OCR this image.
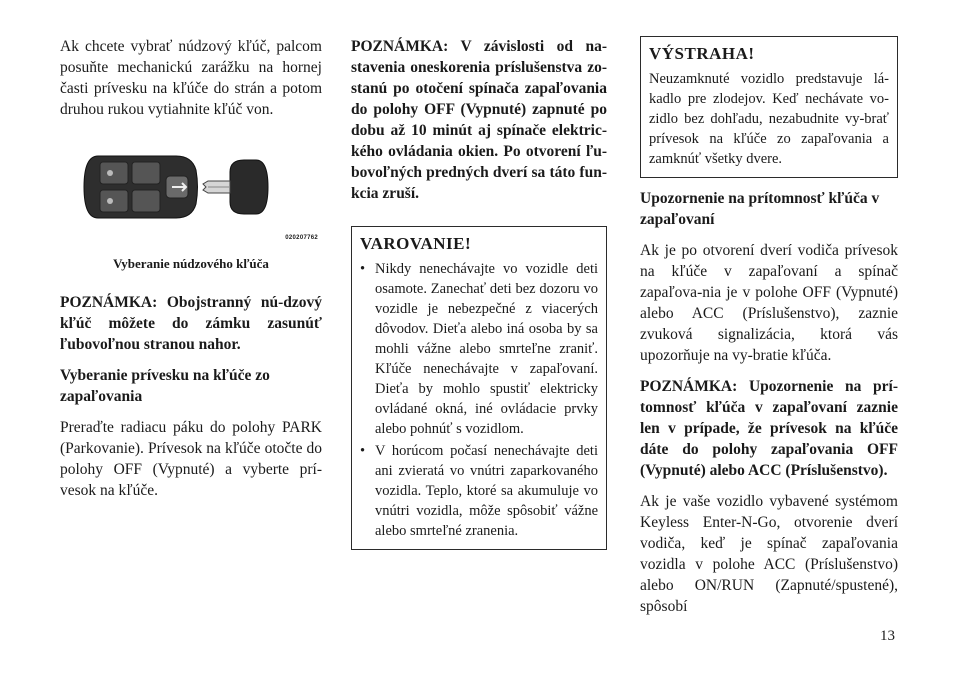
Ak chcete vybrať núdzový kľúč, palcom posuňte mechanickú zarážku na hornej časti prívesku na kľúče do strán a potom druhou rukou vytiahnite kľúč von.

020207762
Vyberanie núdzového kľúča

POZNÁMKA: Obojstranný nú-dzový kľúč môžete do zámku zasunúť ľubovoľnou stranou nahor.

Vyberanie prívesku na kľúče zo zapaľovania

Preraďte radiacu páku do polohy PARK (Parkovanie). Prívesok na kľúče otočte do polohy OFF (Vypnuté) a vyberte prí-vesok na kľúče.

POZNÁMKA: V závislosti od na-stavenia oneskorenia príslušenstva zo-stanú po otočení spínača zapaľovania do polohy OFF (Vypnuté) zapnuté po dobu až 10 minút aj spínače elektric-kého ovládania okien. Po otvorení ľu-bovoľných predných dverí sa táto fun-kcia zruší.

VAROVANIE!
• Nikdy nenechávajte vo vozidle deti osamote. Zanechať deti bez dozoru vo vozidle je nebezpečné z viacerých dôvodov. Dieťa alebo iná osoba by sa mohli vážne alebo smrteľne zraniť. Kľúče nenechávajte v zapaľovaní. Dieťa by mohlo spustiť elektricky ovládané okná, iné ovládacie prvky alebo pohnúť s vozidlom.
• V horúcom počasí nenechávajte deti ani zvieratá vo vnútri zaparkovaného vozidla. Teplo, ktoré sa akumuluje vo vnútri vozidla, môže spôsobiť vážne alebo smrteľné zranenia.
VÝSTRAHA!

Neuzamknuté vozidlo predstavuje lá-kadlo pre zlodejov. Keď nechávate vo-zidlo bez dohľadu, nezabudnite vy-brať prívesok na kľúče zo zapaľovania a zamknúť všetky dvere.

Upozornenie na prítomnosť kľúča v zapaľovaní

Ak je po otvorení dverí vodiča prívesok na kľúče v zapaľovaní a spínač zapaľova-nia je v polohe OFF (Vypnuté) alebo ACC (Príslušenstvo), zaznie zvuková signalizácia, ktorá vás upozorňuje na vy-bratie kľúča.

POZNÁMKA: Upozornenie na prí-tomnosť kľúča v zapaľovaní zaznie len v prípade, že prívesok na kľúče dáte do polohy zapaľovania OFF (Vypnuté) alebo ACC (Príslušenstvo).

Ak je vaše vozidlo vybavené systémom Keyless Enter-N-Go, otvorenie dverí vodiča, keď je spínač zapaľovania vozidla v polohe ACC (Príslušenstvo) alebo ON/RUN (Zapnuté/spustené), spôsobí

13
